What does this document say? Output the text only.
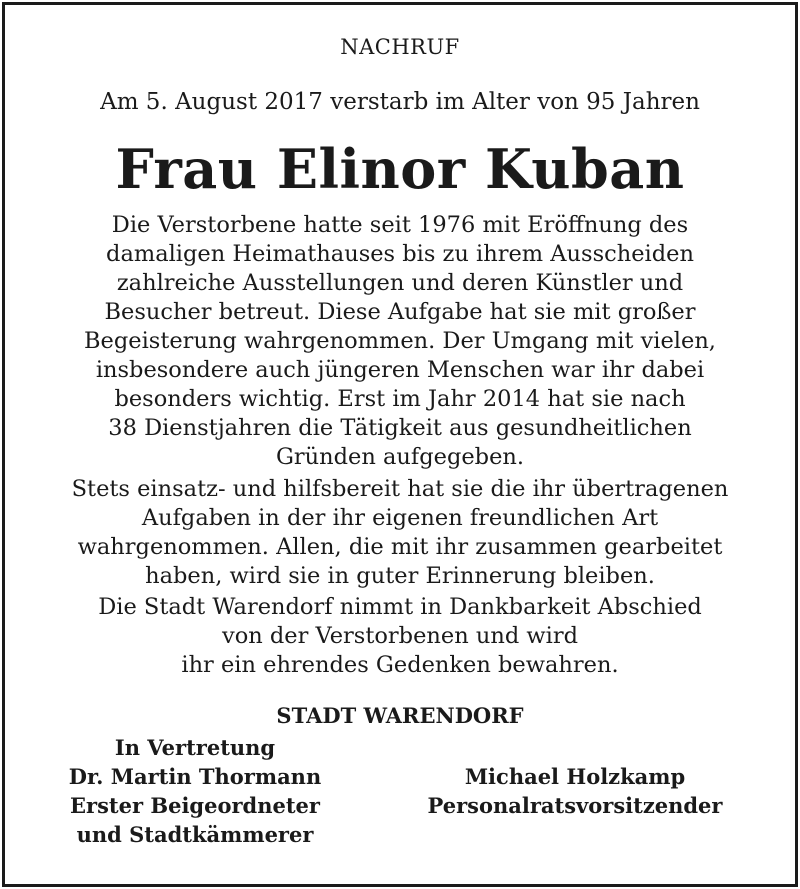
NACHRUF
Am 5. August 2017 verstarb im Alter von 95 Jahren
Frau Elinor Kuban
Die Verstorbene hatte seit 1976 mit Eröffnung des
damaligen Heimathauses bis zu ihrem Ausscheiden
zahlreiche Ausstellungen und deren Künstler und
Besucher betreut. Diese Aufgabe hat sie mit großer
Begeisterung wahrgenommen. Der Umgang mit vielen,
insbesondere auch jüngeren Menschen war ihr dabei
besonders wichtig. Erst im Jahr 2014 hat sie nach
38 Dienstjahren die Tätigkeit aus gesundheitlichen
Gründen aufgegeben.
Stets einsatz- und hilfsbereit hat sie die ihr übertragenen
Aufgaben in der ihr eigenen freundlichen Art
wahrgenommen. Allen, die mit ihr zusammen gearbeitet
haben, wird sie in guter Erinnerung bleiben.
Die Stadt Warendorf nimmt in Dankbarkeit Abschied
von der Verstorbenen und wird
ihr ein ehrendes Gedenken bewahren.
STADT WARENDORF
In Vertretung
Dr. Martin Thormann
Erster Beigeordneter
und Stadtkämmerer
Michael Holzkamp
Personalratsvorsitzender
